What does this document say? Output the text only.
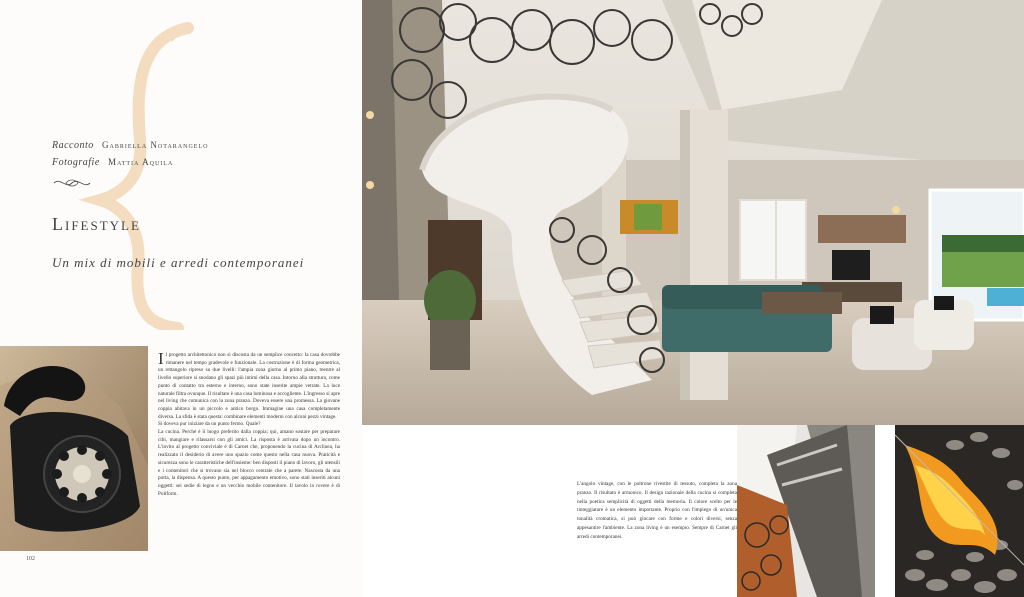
Racconto Gabriella Notarangelo
Fotografie Mattia Aquila
Lifestyle
Un mix di mobili e arredi contemporanei
102

Il progetto architettonico non si discosta da un semplice concetto: la casa dovrebbe rimanere nel tempo gradevole e funzionale. La costruzione è di forma geometrica, un rettangolo ripreso su due livelli: l'ampia zona giorno al primo piano, mentre al livello superiore si snodano gli spazi più intimi della casa. Intorno alla struttura, come punto di contatto tra esterno e interno, sono state inserite ampie vetrate. La luce naturale filtra ovunque. Il risultato è una casa luminosa e accogliente. L'ingresso si apre nel living che comunica con la zona pranzo. Doveva essere una promessa. La giovane coppia abitava in un piccolo e antico borgo. Immagine una casa completamente diversa. La sfida è stata questa: combinare elementi moderni con alcuni pezzi vintage.

Si doveva pur iniziare da un punto fermo. Quale?

La cucina. Perché è il luogo preferito dalla coppia; qui, amano sostare per preparare cibi, mangiare e rilassarsi con gli amici. La risposta è arrivata dopo un incontro. L'invito al progetto conviviale è di Carnet che, proponendo la cucina di Arclinea, ha realizzato il desiderio di avere uno spazio come questo nella casa nuova. Praticità e sicurezza sono le caratteristiche dell'insieme: ben disposti il piano di lavoro, gli utensili e i contenitori che si trovano sia nel blocco centrale che a parete. Nascosta da una porta, la dispensa. A questo punto, per appagamento emotivo, sono stati inseriti alcuni oggetti: sei sedie di legno e un vecchio mobile contenitore. Il tavolo in rovere è di Poliform.

L'angolo vintage, con le poltrone rivestite di tessuto, completa la zona pranzo. Il risultato è armonico. Il design razionale della cucina si completa nella poetica semplicità di oggetti della memoria. Il colore scelto per le tinteggiature è un elemento importante. Proprio con l'impiego di un'unica tonalità cromatica, si può giocare con forme e colori diversi, senza appesantire l'ambiente. La zona living è un esempio. Sempre di Carnet gli arredi contemporanei.
